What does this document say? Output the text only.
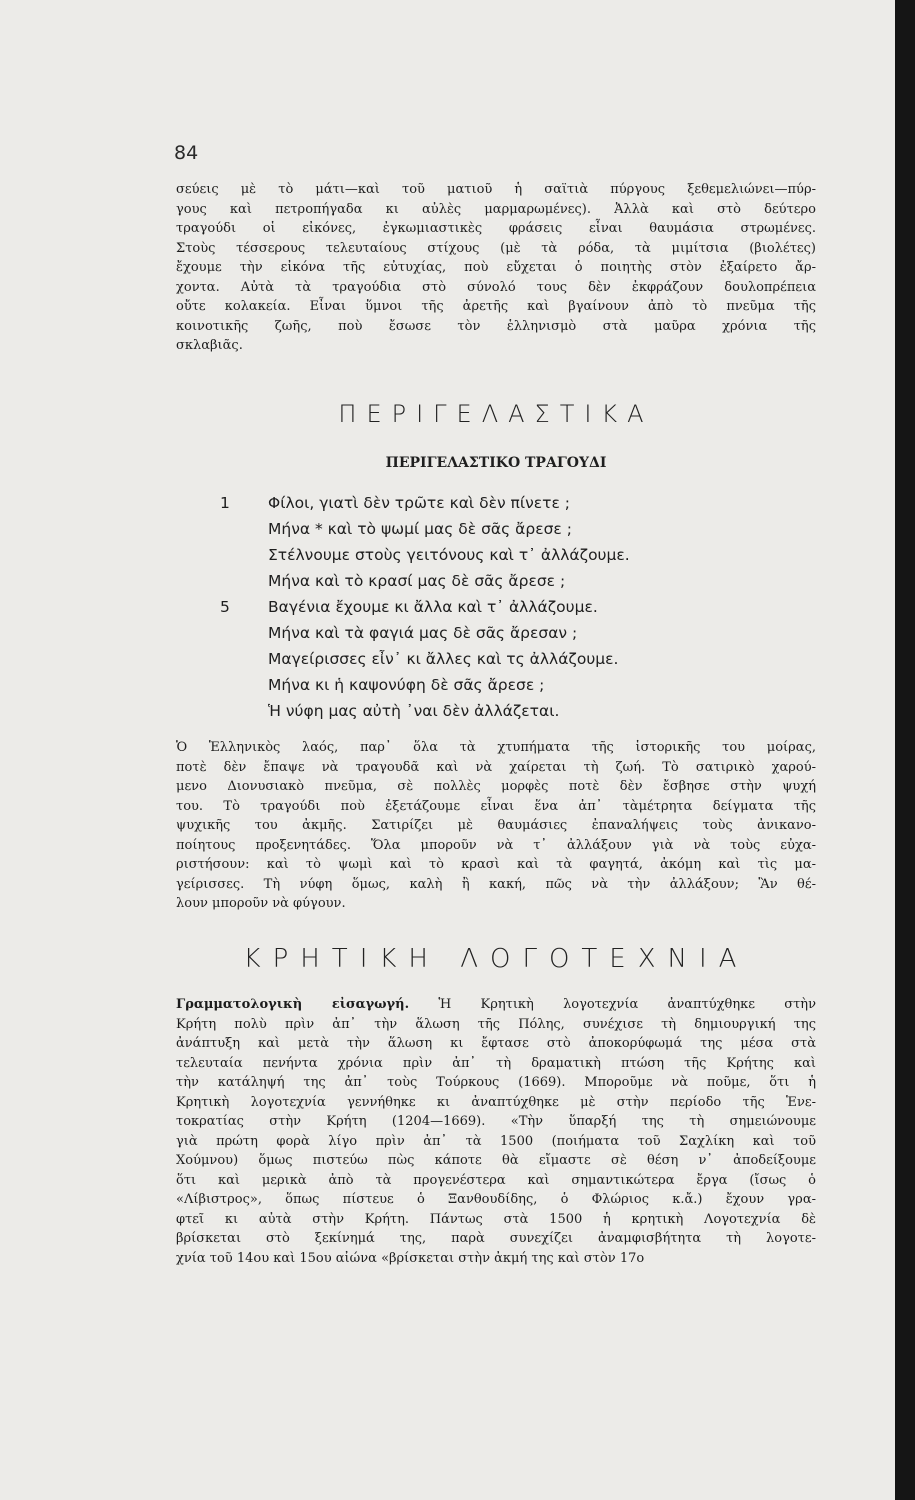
84

σεύεις μὲ τὸ μάτι—καὶ τοῦ ματιοῦ ἡ σαϊτιὰ πύργους ξεθεμελιώνει—πύρ-
γους καὶ πετροπήγαδα κι αὐλὲς μαρμαρωμένες). Ἀλλὰ καὶ στὸ δεύτερο
τραγούδι οἱ εἰκόνες, ἐγκωμιαστικὲς φράσεις εἶναι θαυμάσια στρωμένες.
Στοὺς τέσσερους τελευταίους στίχους (μὲ τὰ ρόδα, τὰ μιμίτσια (βιολέτες)
ἔχουμε τὴν εἰκόνα τῆς εὐτυχίας, ποὺ εὔχεται ὁ ποιητὴς στὸν ἐξαίρετο ἄρ-
χοντα. Αὐτὰ τὰ τραγούδια στὸ σύνολό τους δὲν ἐκφράζουν δουλοπρέπεια
οὔτε κολακεία. Εἶναι ὕμνοι τῆς ἀρετῆς καὶ βγαίνουν ἀπὸ τὸ πνεῦμα τῆς
κοινοτικῆς ζωῆς, ποὺ ἔσωσε τὸν ἑλληνισμὸ στὰ μαῦρα χρόνια τῆς
σκλαβιᾶς.

ΠΕΡΙΓΕΛΑΣΤΙΚΑ
ΠΕΡΙΓΕΛΑΣΤΙΚΟ ΤΡΑΓΟΥΔΙ
1	Φίλοι, γιατὶ δὲν τρῶτε καὶ δὲν πίνετε ;
Μήνα * καὶ τὸ ψωμί μας δὲ σᾶς ἄρεσε ;
Στέλνουμε στοὺς γειτόνους καὶ τ᾽ ἀλλάζουμε.
Μήνα καὶ τὸ κρασί μας δὲ σᾶς ἄρεσε ;
5	Βαγένια ἔχουμε κι ἄλλα καὶ τ᾽ ἀλλάζουμε.
Μήνα καὶ τὰ φαγιά μας δὲ σᾶς ἄρεσαν ;
Μαγείρισσες εἶν᾽ κι ἄλλες καὶ τς ἀλλάζουμε.
Μήνα κι ἡ καψονύφη δὲ σᾶς ἄρεσε ;
Ἡ νύφη μας αὐτὴ ᾽ναι δὲν ἀλλάζεται.

Ὁ Ἑλληνικὸς λαός, παρ᾽ ὅλα τὰ χτυπήματα τῆς ἱστορικῆς του μοίρας,
ποτὲ δὲν ἔπαψε νὰ τραγουδᾶ καὶ νὰ χαίρεται τὴ ζωή. Τὸ σατιρικὸ χαρού-
μενο Διονυσιακὸ πνεῦμα, σὲ πολλὲς μορφὲς ποτὲ δὲν ἔσβησε στὴν ψυχή
του. Τὸ τραγούδι ποὺ ἐξετάζουμε εἶναι ἕνα ἀπ᾽ τὰμέτρητα δείγματα τῆς
ψυχικῆς του ἀκμῆς. Σατιρίζει μὲ θαυμάσιες ἐπαναλήψεις τοὺς ἀνικανο-
ποίητους προξενητάδες. Ὅλα μποροῦν νὰ τ᾽ ἀλλάξουν γιὰ νὰ τοὺς εὐχα-
ριστήσουν: καὶ τὸ ψωμὶ καὶ τὸ κρασὶ καὶ τὰ φαγητά, ἀκόμη καὶ τὶς μα-
γείρισσες. Τὴ νύφη ὅμως, καλὴ ἢ κακή, πῶς νὰ τὴν ἀλλάξουν; Ἂν θέ-
λουν μποροῦν νὰ φύγουν.

ΚΡΗΤΙΚΗ ΛΟΓΟΤΕΧΝΙΑ

Γραμματολογικὴ εἰσαγωγή. Ἡ Κρητικὴ λογοτεχνία ἀναπτύχθηκε στὴν
Κρήτη πολὺ πρὶν ἀπ᾽ τὴν ἅλωση τῆς Πόλης, συνέχισε τὴ δημιουργική της
ἀνάπτυξη καὶ μετὰ τὴν ἅλωση κι ἔφτασε στὸ ἀποκορύφωμά της μέσα στὰ
τελευταία πενήντα χρόνια πρὶν ἀπ᾽ τὴ δραματικὴ πτώση τῆς Κρήτης καὶ
τὴν κατάληψή της ἀπ᾽ τοὺς Τούρκους (1669). Μποροῦμε νὰ ποῦμε, ὅτι ἡ
Κρητικὴ λογοτεχνία γεννήθηκε κι ἀναπτύχθηκε μὲ στὴν περίοδο τῆς Ἑνε-
τοκρατίας στὴν Κρήτη (1204—1669). «Τὴν ὕπαρξή της τὴ σημειώνουμε
γιὰ πρώτη φορὰ λίγο πρὶν ἀπ᾽ τὰ 1500 (ποιήματα τοῦ Σαχλίκη καὶ τοῦ
Χούμνου) ὅμως πιστεύω πὼς κάποτε θὰ εἴμαστε σὲ θέση ν᾽ ἀποδείξουμε
ὅτι καὶ μερικὰ ἀπὸ τὰ προγενέστερα καὶ σημαντικώτερα ἔργα (ἴσως ὁ
«Λίβιστρος», ὅπως πίστευε ὁ Ξανθουδίδης, ὁ Φλώριος κ.ἄ.) ἔχουν γρα-
φτεῖ κι αὐτὰ στὴν Κρήτη. Πάντως στὰ 1500 ἡ κρητικὴ Λογοτεχνία δὲ
βρίσκεται στὸ ξεκίνημά της, παρὰ συνεχίζει ἀναμφισβήτητα τὴ λογοτε-
χνία τοῦ 14ου καὶ 15ου αἰώνα «βρίσκεται στὴν ἀκμή της καὶ στὸν 17ο
